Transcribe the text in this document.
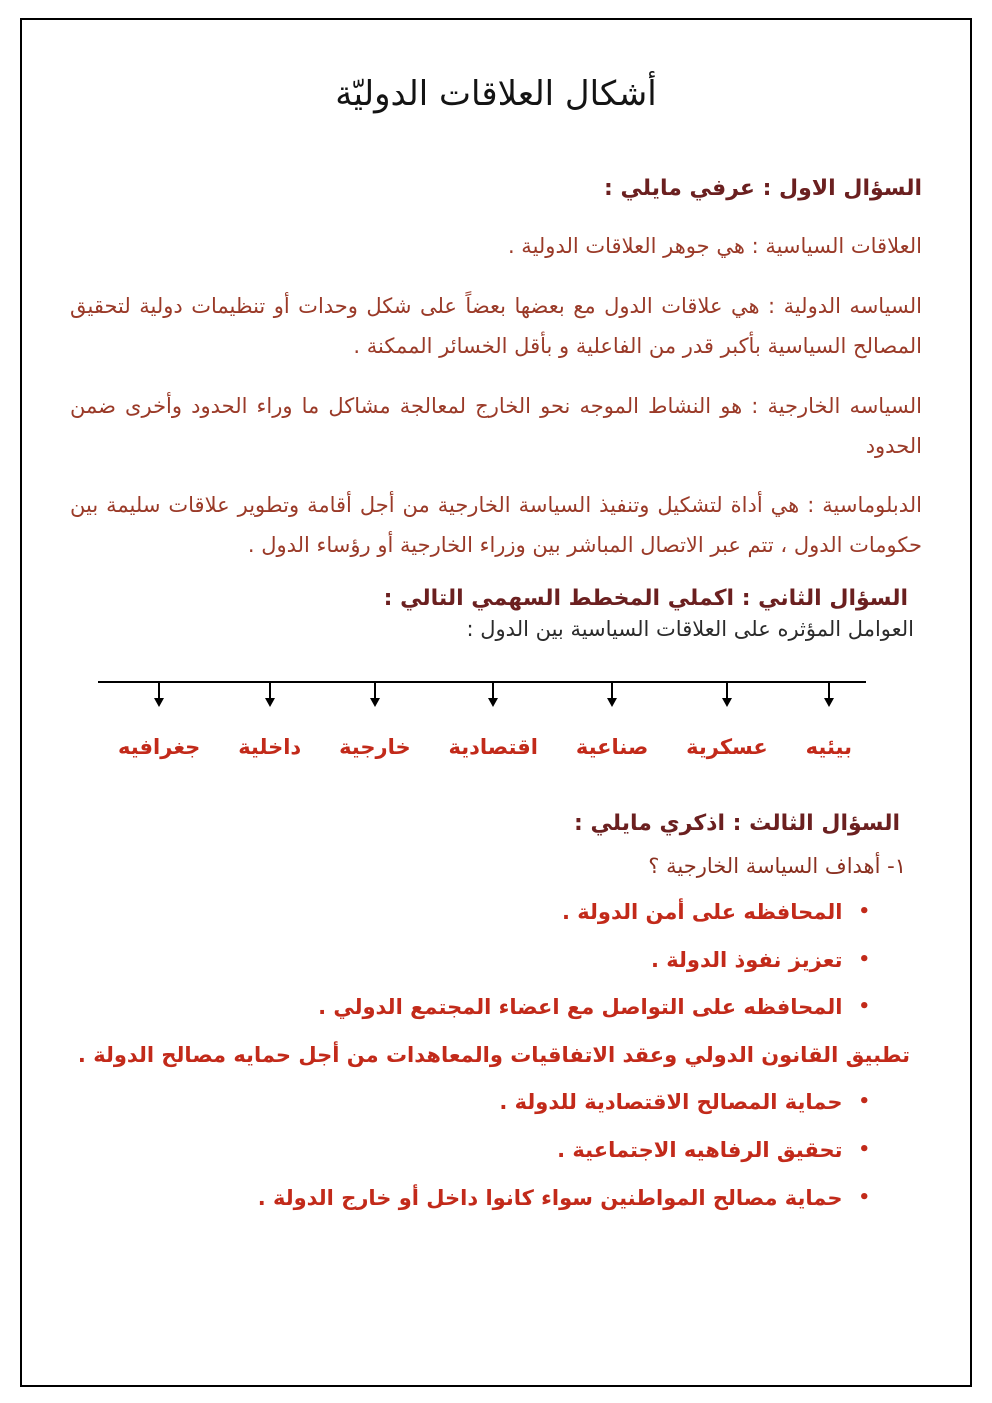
أشكال العلاقات الدوليّة
السؤال الاول : عرفي مايلي :

العلاقات السياسية : هي جوهر العلاقات الدولية .

السياسه الدولية : هي علاقات الدول مع بعضها بعضاً على شكل وحدات أو تنظيمات دولية لتحقيق المصالح السياسية بأكبر قدر من الفاعلية و بأقل الخسائر الممكنة .

السياسه الخارجية : هو النشاط الموجه نحو الخارج لمعالجة مشاكل ما وراء الحدود وأخرى ضمن الحدود

الدبلوماسية : هي أداة لتشكيل وتنفيذ السياسة الخارجية من أجل أقامة وتطوير علاقات سليمة بين حكومات الدول ، تتم عبر الاتصال المباشر بين وزراء الخارجية أو رؤساء الدول .

السؤال الثاني : اكملي المخطط السهمي التالي :
العوامل المؤثره على العلاقات السياسية بين الدول :
بيئيه
عسكرية
صناعية
اقتصادية
خارجية
داخلية
جغرافيه
السؤال الثالث : اذكري مايلي :
١- أهداف السياسة الخارجية ؟
•
المحافظه على أمن الدولة .
•
تعزيز نفوذ الدولة .
•
المحافظه على التواصل مع اعضاء المجتمع الدولي .
تطبيق القانون الدولي وعقد الاتفاقيات والمعاهدات من أجل حمايه مصالح الدولة .
•
حماية المصالح الاقتصادية للدولة .
•
تحقيق الرفاهيه الاجتماعية .
•
حماية مصالح المواطنين سواء كانوا داخل أو خارج الدولة .
